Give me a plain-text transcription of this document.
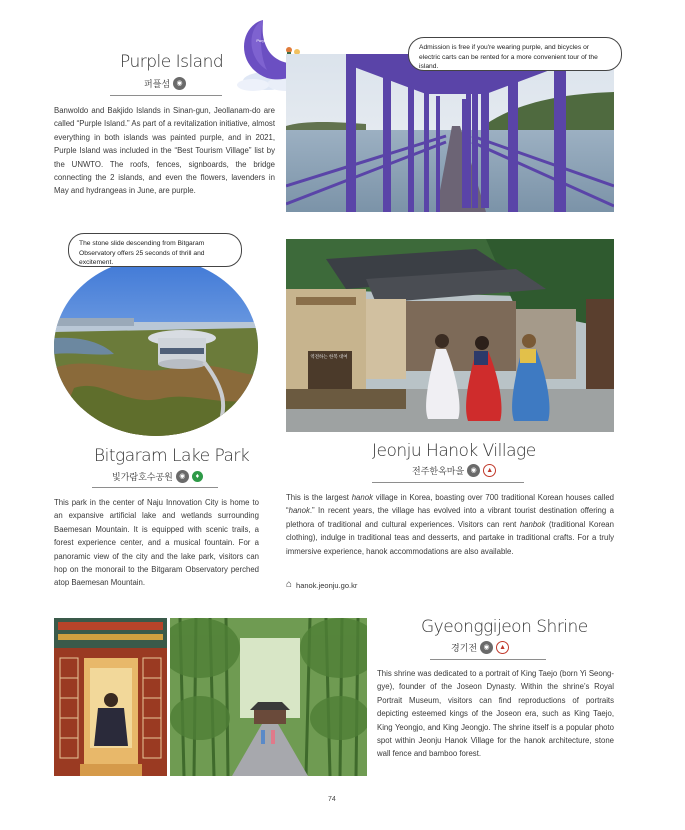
Purple Island
Purple Island
퍼플섬 ◉

Banwoldo and Bakjido Islands in Sinan-gun, Jeollanam-do are called “Purple Island.” As part of a revitalization initiative, almost everything in both islands was painted purple, and in 2021, Purple Island was included in the “Best Tourism Village” list by the UNWTO. The roofs, fences, signboards, the bridge connecting the 2 islands, and even the flowers, lavenders in May and hydrangeas in June, are purple.

Admission is free if you're wearing purple, and bicycles or electric carts can be rented for a more convenient tour of the island.
The stone slide descending from Bitgaram Observatory offers 25 seconds of thrill and excitement.
Bitgaram Lake Park
빛가람호수공원 ◉	♦

This park in the center of Naju Innovation City is home to an expansive artificial lake and wetlands surrounding Baemesan Mountain. It is equipped with scenic trails, a forest experience center, and a musical fountain. For a panoramic view of the city and the lake park, visitors can hop on the monorail to the Bitgaram Observatory perched atop Baemesan Mountain.

역전하는 한복 대여
Jeonju Hanok Village
전주한옥마을 ◉	▲

This is the largest hanok village in Korea, boasting over 700 traditional Korean houses called “hanok.” In recent years, the village has evolved into a vibrant tourist destination offering a plethora of traditional and cultural experiences. Visitors can rent hanbok (traditional Korean clothing), indulge in traditional teas and desserts, and partake in traditional crafts. For a truly immersive experience, hanok accommodations are also available.

⌂ hanok.jeonju.go.kr
Gyeonggijeon Shrine
경기전 ◉	▲

This shrine was dedicated to a portrait of King Taejo (born Yi Seong-gye), founder of the Joseon Dynasty. Within the shrine’s Royal Portrait Museum, visitors can find reproductions of portraits depicting esteemed kings of the Joseon era, such as King Taejo, King Yeongjo, and King Jeongjo. The shrine itself is a popular photo spot within Jeonju Hanok Village for the hanok architecture, stone wall fence and bamboo forest.

74
